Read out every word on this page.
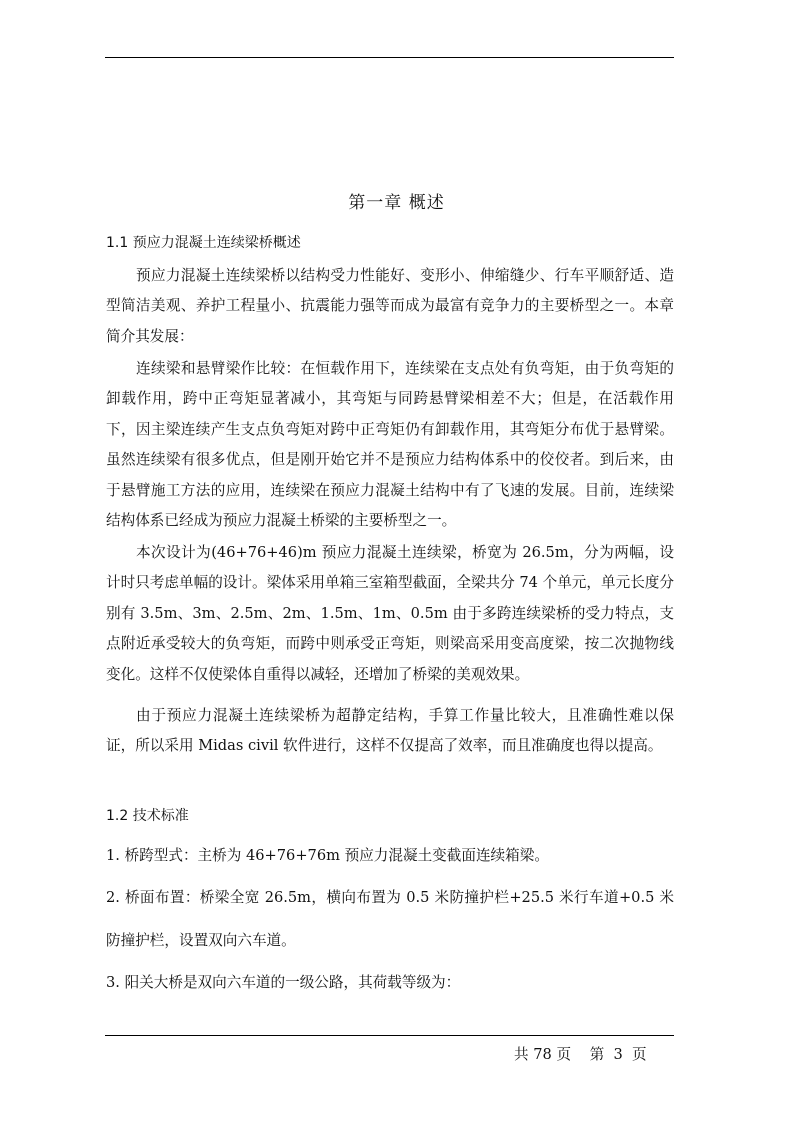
第一章 概述
1.1 预应力混凝土连续梁桥概述

预应力混凝土连续梁桥以结构受力性能好、变形小、伸缩缝少、行车平顺舒适、造型简洁美观、养护工程量小、抗震能力强等而成为最富有竞争力的主要桥型之一。本章简介其发展：

连续梁和悬臂梁作比较：在恒载作用下，连续梁在支点处有负弯矩，由于负弯矩的卸载作用，跨中正弯矩显著减小，其弯矩与同跨悬臂梁相差不大；但是，在活载作用下，因主梁连续产生支点负弯矩对跨中正弯矩仍有卸载作用，其弯矩分布优于悬臂梁。虽然连续梁有很多优点，但是刚开始它并不是预应力结构体系中的佼佼者。到后来，由于悬臂施工方法的应用，连续梁在预应力混凝土结构中有了飞速的发展。目前，连续梁结构体系已经成为预应力混凝土桥梁的主要桥型之一。

本次设计为(46+76+46)m 预应力混凝土连续梁，桥宽为 26.5m，分为两幅，设计时只考虑单幅的设计。梁体采用单箱三室箱型截面，全梁共分 74 个单元，单元长度分别有 3.5m、3m、2.5m、2m、1.5m、1m、0.5m 由于多跨连续梁桥的受力特点，支点附近承受较大的负弯矩，而跨中则承受正弯矩，则梁高采用变高度梁，按二次抛物线变化。这样不仅使梁体自重得以减轻，还增加了桥梁的美观效果。

由于预应力混凝土连续梁桥为超静定结构，手算工作量比较大，且准确性难以保证，所以采用 Midas civil 软件进行，这样不仅提高了效率，而且准确度也得以提高。

1.2 技术标准

1. 桥跨型式：主桥为 46+76+76m 预应力混凝土变截面连续箱梁。

2. 桥面布置：桥梁全宽 26.5m，横向布置为 0.5 米防撞护栏+25.5 米行车道+0.5 米防撞护栏，设置双向六车道。

3. 阳关大桥是双向六车道的一级公路，其荷载等级为：

共 78 页    第  3  页
